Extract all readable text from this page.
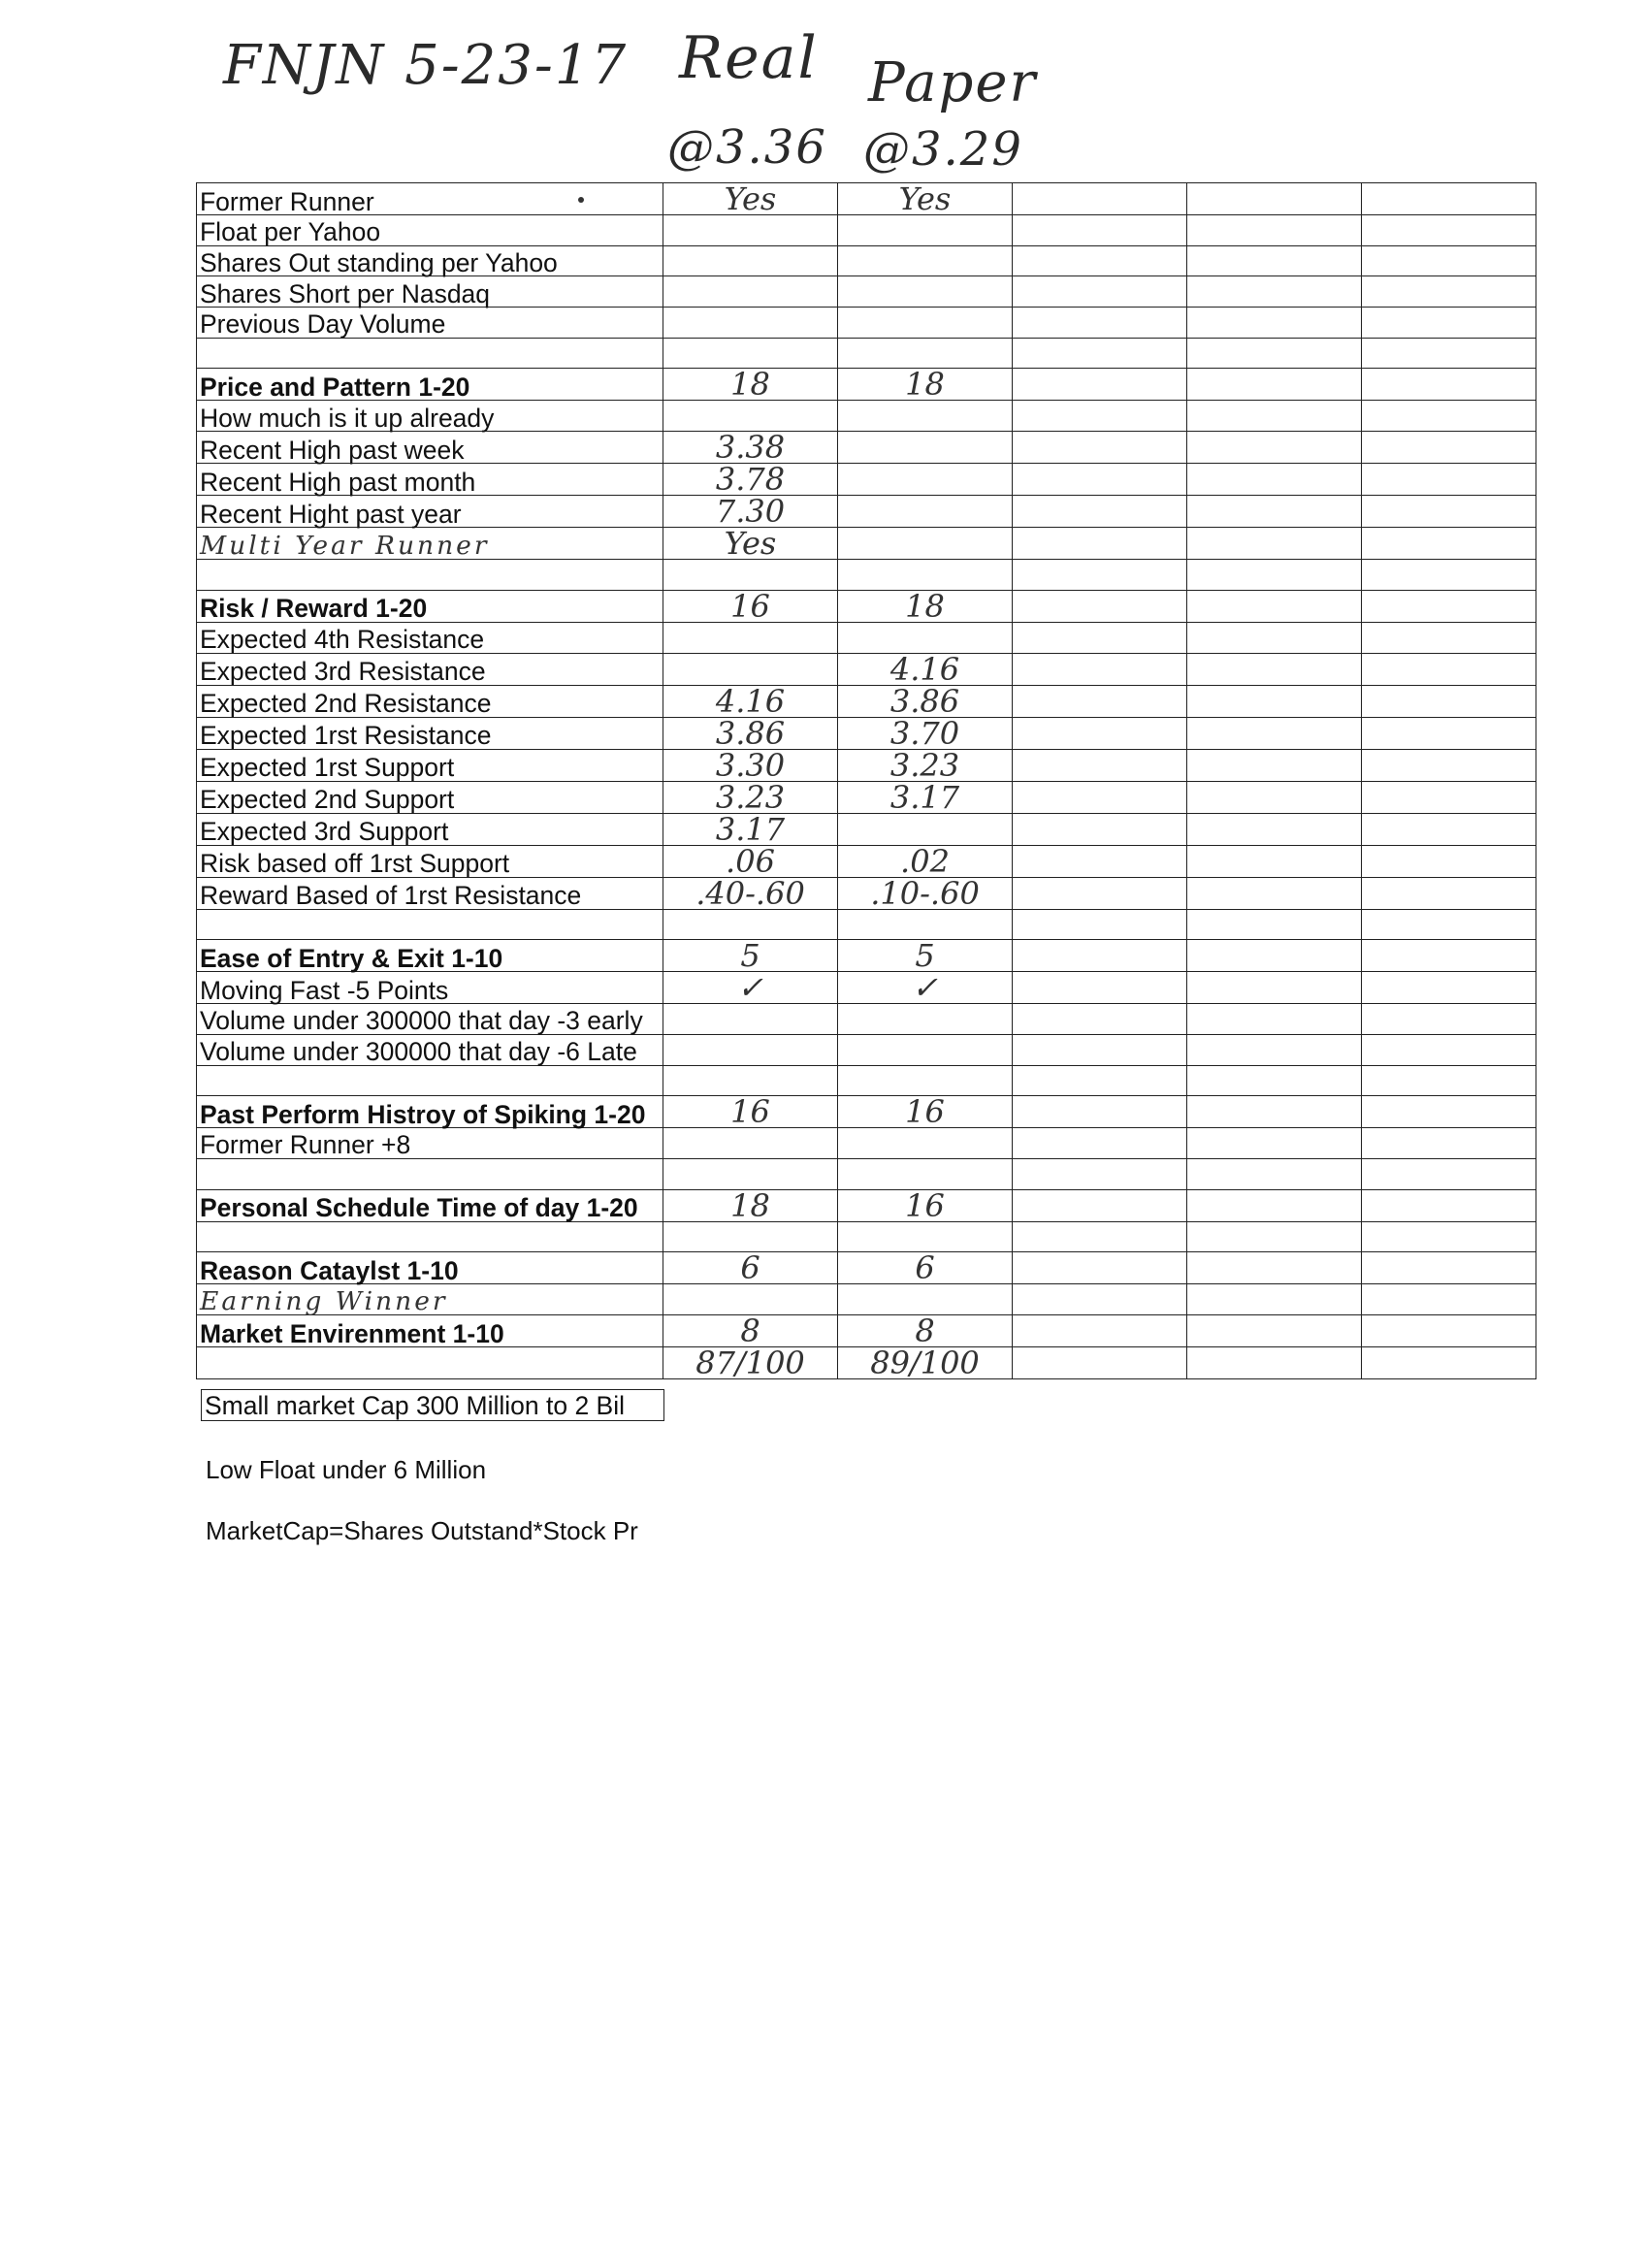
FNJN 5-23-17 Real Paper
@3.36 @3.29
Former Runner	Yes	Yes			
Float per Yahoo					
Shares Out standing per Yahoo					
Shares Short per Nasdaq					
Previous Day Volume					

Price and Pattern 1-20	18	18			
How much is it up already					
Recent High past week	3.38				
Recent High past month	3.78				
Recent Hight past year	7.30				
Multi Year Runner	Yes				

Risk / Reward 1-20	16	18			
Expected 4th Resistance					
Expected 3rd Resistance		4.16			
Expected 2nd Resistance	4.16	3.86			
Expected 1rst Resistance	3.86	3.70			
Expected 1rst Support	3.30	3.23			
Expected 2nd Support	3.23	3.17			
Expected 3rd Support	3.17				
Risk based off 1rst Support	.06	.02			
Reward Based of 1rst Resistance	.40-.60	.10-.60			

Ease of Entry & Exit 1-10	5	5			
Moving Fast -5 Points	✓	✓			
Volume under 300000 that day -3 early					
Volume under 300000 that day -6 Late					

Past Perform Histroy of Spiking 1-20	16	16			
Former Runner +8					

Personal Schedule Time of day 1-20	18	16			

Reason Cataylst 1-10	6	6			
Earning Winner					
Market Envirenment 1-10	8	8			
	87/100	89/100			
Small market Cap 300 Million to 2 Bil
Low Float under 6 Million
MarketCap=Shares Outstand*Stock Pr
